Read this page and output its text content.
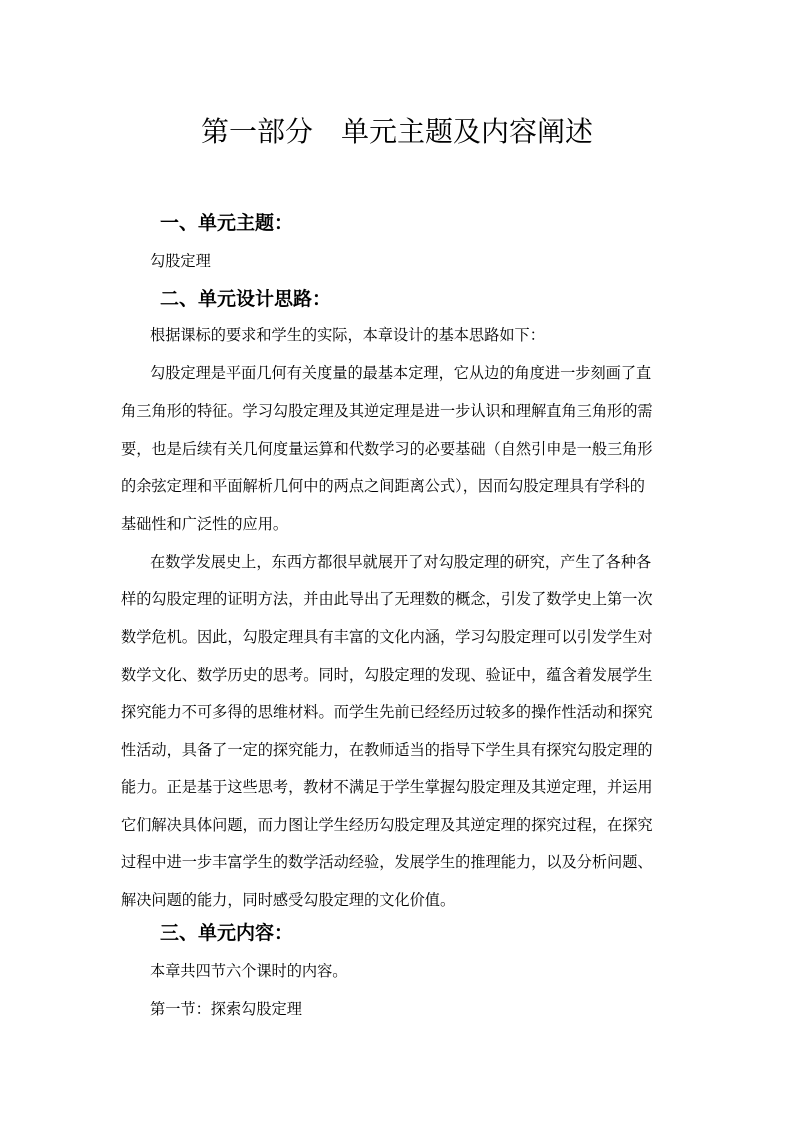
第一部分　单元主题及内容阐述
一、单元主题：
勾股定理
二、单元设计思路：
根据课标的要求和学生的实际，本章设计的基本思路如下：
勾股定理是平面几何有关度量的最基本定理，它从边的角度进一步刻画了直
角三角形的特征。学习勾股定理及其逆定理是进一步认识和理解直角三角形的需
要，也是后续有关几何度量运算和代数学习的必要基础（自然引申是一般三角形
的余弦定理和平面解析几何中的两点之间距离公式），因而勾股定理具有学科的
基础性和广泛性的应用。
在数学发展史上，东西方都很早就展开了对勾股定理的研究，产生了各种各
样的勾股定理的证明方法，并由此导出了无理数的概念，引发了数学史上第一次
数学危机。因此，勾股定理具有丰富的文化内涵，学习勾股定理可以引发学生对
数学文化、数学历史的思考。同时，勾股定理的发现、验证中，蕴含着发展学生
探究能力不可多得的思维材料。而学生先前已经经历过较多的操作性活动和探究
性活动，具备了一定的探究能力，在教师适当的指导下学生具有探究勾股定理的
能力。正是基于这些思考，教材不满足于学生掌握勾股定理及其逆定理，并运用
它们解决具体问题，而力图让学生经历勾股定理及其逆定理的探究过程，在探究
过程中进一步丰富学生的数学活动经验，发展学生的推理能力，以及分析问题、
解决问题的能力，同时感受勾股定理的文化价值。
三、单元内容：
本章共四节六个课时的内容。
第一节：探索勾股定理
